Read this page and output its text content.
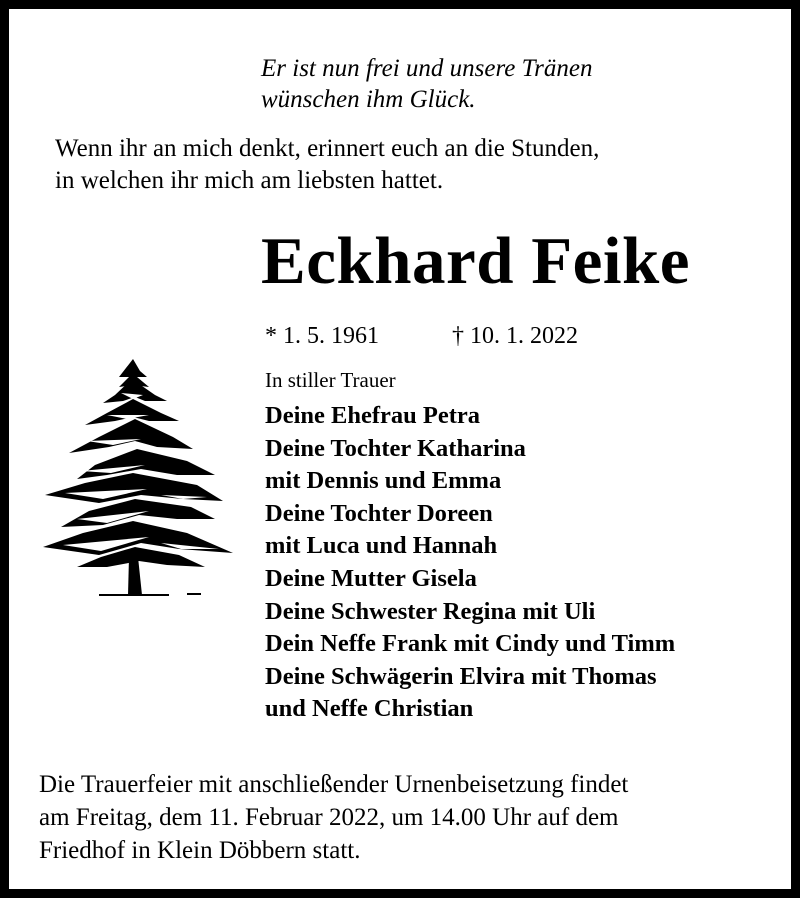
Er ist nun frei und unsere Tränen
wünschen ihm Glück.
Wenn ihr an mich denkt, erinnert euch an die Stunden,
in welchen ihr mich am liebsten hattet.
Eckhard Feike
* 1. 5. 1961	† 10. 1. 2022
In stiller Trauer
Deine Ehefrau Petra
Deine Tochter Katharina
mit Dennis und Emma
Deine Tochter Doreen
mit Luca und Hannah
Deine Mutter Gisela
Deine Schwester Regina mit Uli
Dein Neffe Frank mit Cindy und Timm
Deine Schwägerin Elvira mit Thomas
und Neffe Christian
Die Trauerfeier mit anschließender Urnenbeisetzung findet
am Freitag, dem 11. Februar 2022, um 14.00 Uhr auf dem
Friedhof in Klein Döbbern statt.
